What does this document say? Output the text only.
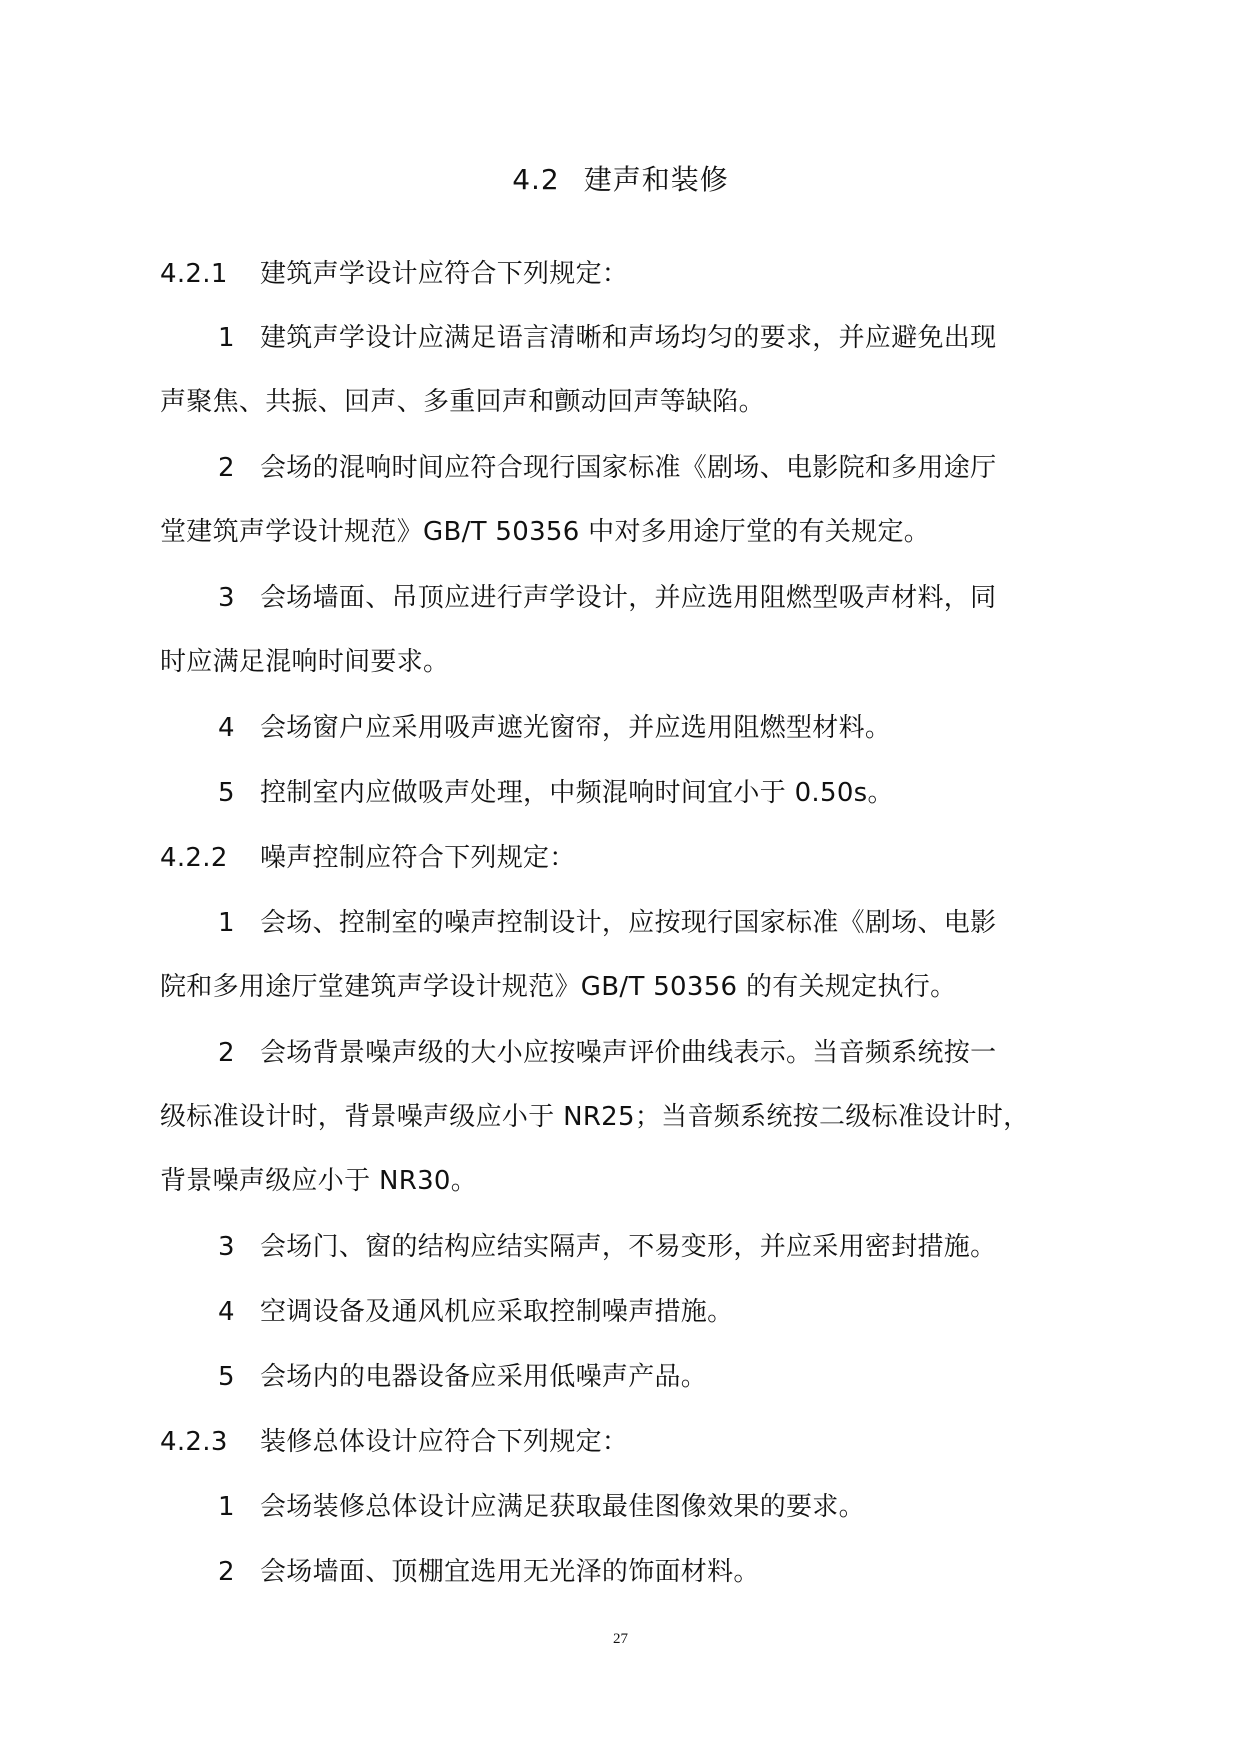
4.2 建声和装修
4.2.1 建筑声学设计应符合下列规定：
1 建筑声学设计应满足语言清晰和声场均匀的要求，并应避免出现
声聚焦、共振、回声、多重回声和颤动回声等缺陷。
2 会场的混响时间应符合现行国家标准《剧场、电影院和多用途厅
堂建筑声学设计规范》GB/T 50356 中对多用途厅堂的有关规定。
3 会场墙面、吊顶应进行声学设计，并应选用阻燃型吸声材料，同
时应满足混响时间要求。
4 会场窗户应采用吸声遮光窗帘，并应选用阻燃型材料。
5 控制室内应做吸声处理，中频混响时间宜小于 0.50s。
4.2.2 噪声控制应符合下列规定：
1 会场、控制室的噪声控制设计，应按现行国家标准《剧场、电影
院和多用途厅堂建筑声学设计规范》GB/T 50356 的有关规定执行。
2 会场背景噪声级的大小应按噪声评价曲线表示。当音频系统按一
级标准设计时，背景噪声级应小于 NR25；当音频系统按二级标准设计时，
背景噪声级应小于 NR30。
3 会场门、窗的结构应结实隔声，不易变形，并应采用密封措施。
4 空调设备及通风机应采取控制噪声措施。
5 会场内的电器设备应采用低噪声产品。
4.2.3 装修总体设计应符合下列规定：
1 会场装修总体设计应满足获取最佳图像效果的要求。
2 会场墙面、顶棚宜选用无光泽的饰面材料。
27
